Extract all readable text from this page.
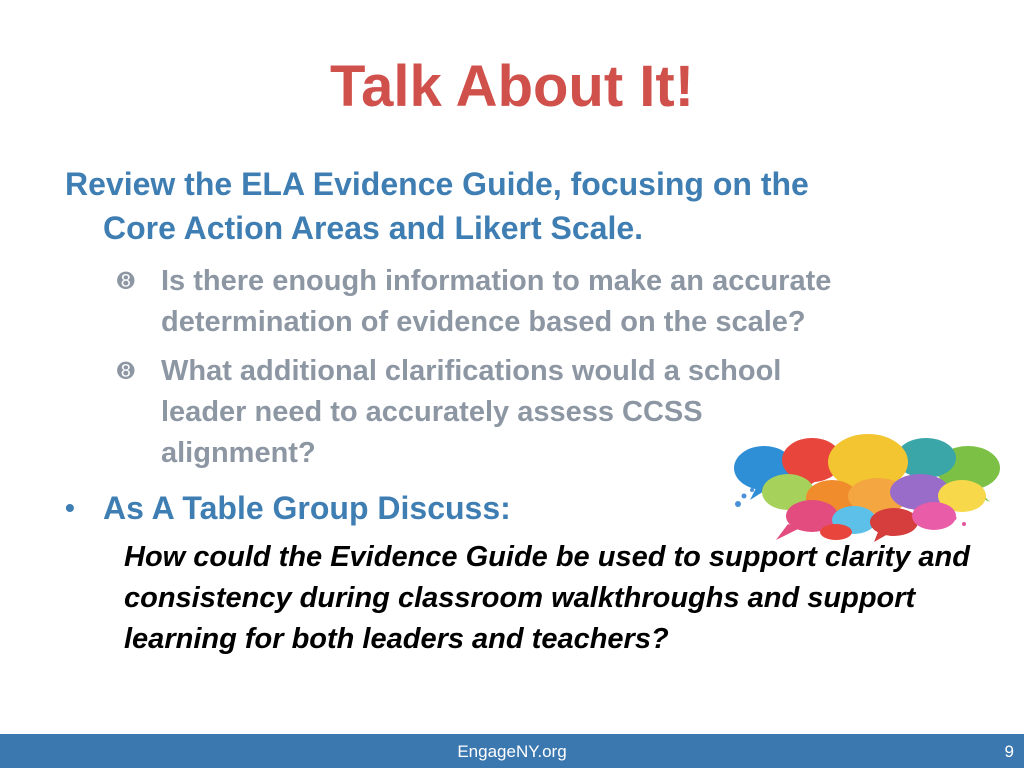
Talk About It!

Review the ELA Evidence Guide, focusing on the
Core Action Areas and Likert Scale.

➑ Is there enough information to make an accurate determination of evidence based on the scale?
➑ What additional clarifications would a school leader need to accurately assess CCSS alignment?
• As A Table Group Discuss:
How could the Evidence Guide be used to support clarity and consistency during classroom walkthroughs and support learning for both leaders and teachers?
EngageNY.org	9
